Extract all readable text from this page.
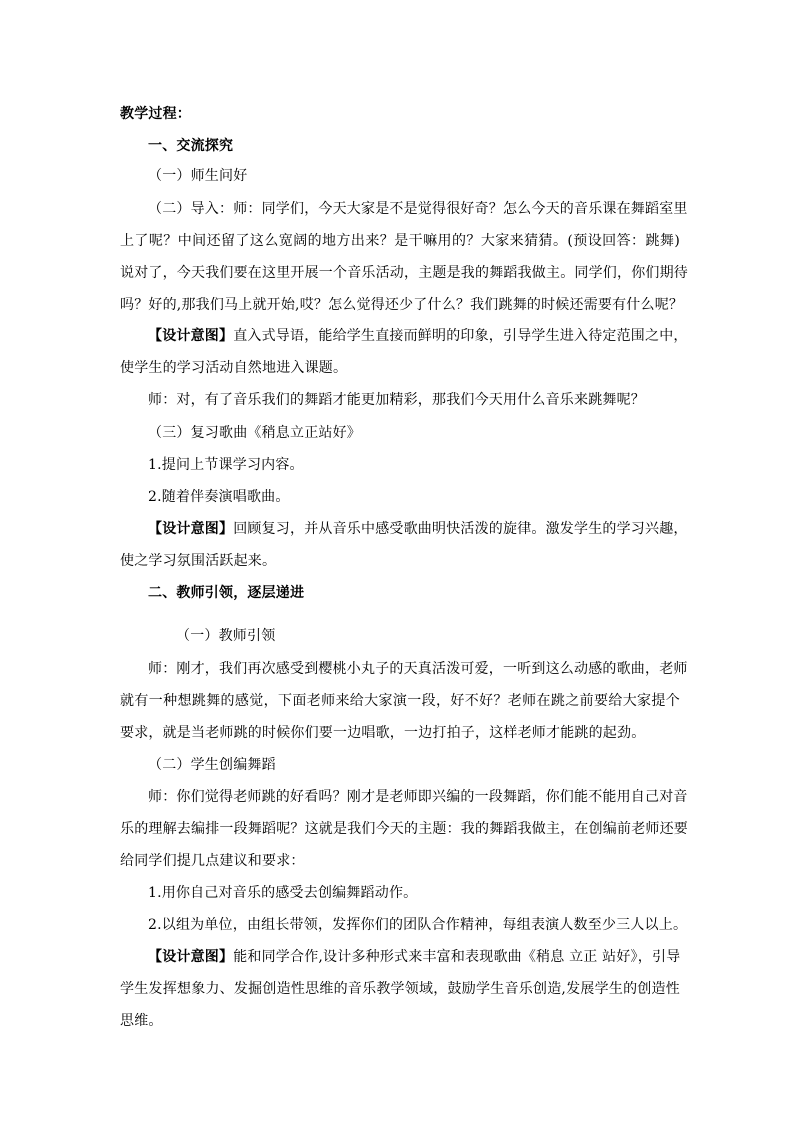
教学过程：
一、交流探究
（一）师生问好
（二）导入：师：同学们，今天大家是不是觉得很好奇？怎么今天的音乐课在舞蹈室里
上了呢？中间还留了这么宽阔的地方出来？是干嘛用的？大家来猜猜。(预设回答：跳舞)
说对了，今天我们要在这里开展一个音乐活动，主题是我的舞蹈我做主。同学们，你们期待
吗？好的,那我们马上就开始,哎？怎么觉得还少了什么？我们跳舞的时候还需要有什么呢？
【设计意图】直入式导语，能给学生直接而鲜明的印象，引导学生进入待定范围之中，
使学生的学习活动自然地进入课题。
师：对，有了音乐我们的舞蹈才能更加精彩，那我们今天用什么音乐来跳舞呢？
（三）复习歌曲《稍息立正站好》
1.提问上节课学习内容。
2.随着伴奏演唱歌曲。
【设计意图】回顾复习，并从音乐中感受歌曲明快活泼的旋律。激发学生的学习兴趣，
使之学习氛围活跃起来。
二、教师引领，逐层递进
（一）教师引领
师：刚才，我们再次感受到樱桃小丸子的天真活泼可爱，一听到这么动感的歌曲，老师
就有一种想跳舞的感觉，下面老师来给大家演一段，好不好？老师在跳之前要给大家提个
要求，就是当老师跳的时候你们要一边唱歌，一边打拍子，这样老师才能跳的起劲。
（二）学生创编舞蹈
师：你们觉得老师跳的好看吗？刚才是老师即兴编的一段舞蹈，你们能不能用自己对音
乐的理解去编排一段舞蹈呢？这就是我们今天的主题：我的舞蹈我做主，在创编前老师还要
给同学们提几点建议和要求：
1.用你自己对音乐的感受去创编舞蹈动作。
2.以组为单位，由组长带领，发挥你们的团队合作精神，每组表演人数至少三人以上。
【设计意图】能和同学合作,设计多种形式来丰富和表现歌曲《稍息 立正 站好》，引导
学生发挥想象力、发掘创造性思维的音乐教学领域，鼓励学生音乐创造,发展学生的创造性
思维。
